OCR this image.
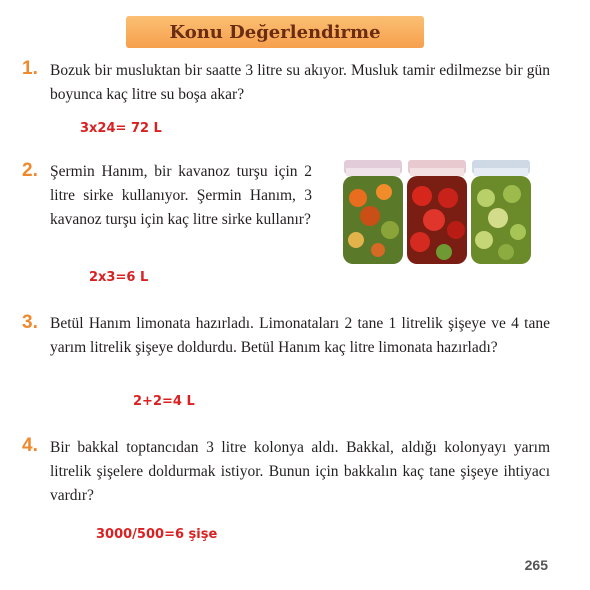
Konu Değerlendirme
1. Bozuk bir musluktan bir saatte 3 litre su akıyor. Musluk tamir edilmezse bir gün boyunca kaç litre su boşa akar?
3x24= 72 L
2. Şermin Hanım, bir kavanoz turşu için 2 litre sirke kullanıyor. Şermin Hanım, 3 kavanoz turşu için kaç litre sirke kullanır?
2x3=6 L
3. Betül Hanım limonata hazırladı. Limonataları 2 tane 1 litrelik şişeye ve 4 tane yarım litrelik şişeye doldurdu. Betül Hanım kaç litre limonata hazırladı?
2+2=4 L
4. Bir bakkal toptancıdan 3 litre kolonya aldı. Bakkal, aldığı kolonyayı yarım litrelik şişelere doldurmak istiyor. Bunun için bakkalın kaç tane şişeye ihtiyacı vardır?
3000/500=6 şişe
265
